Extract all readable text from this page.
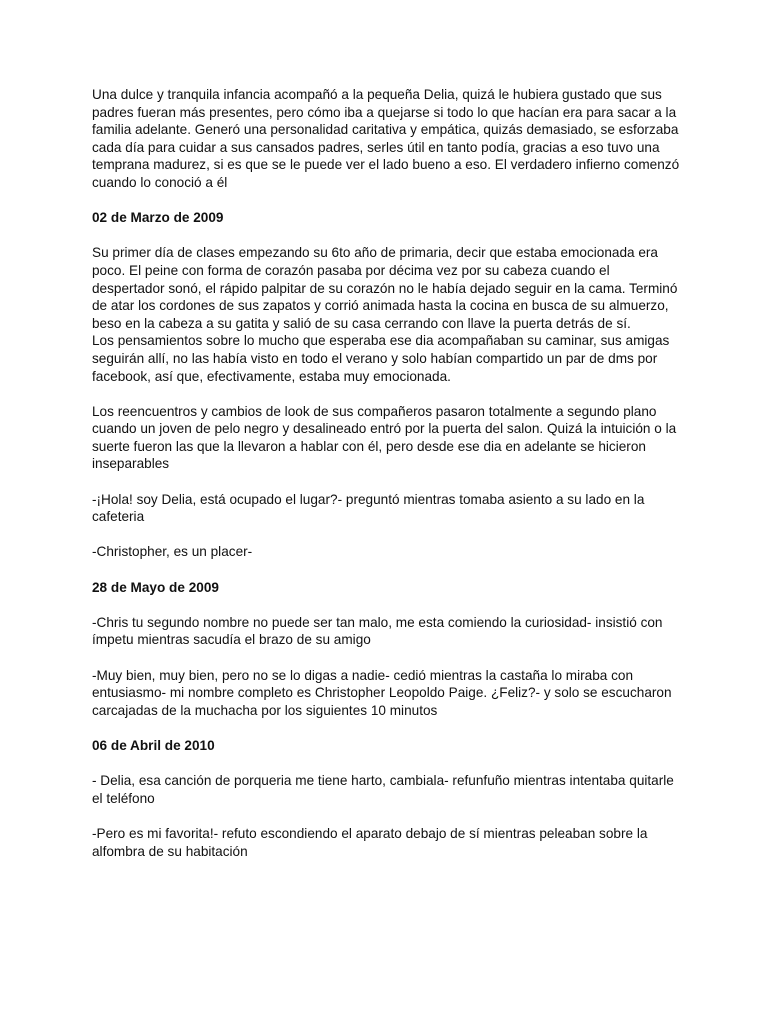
Una dulce y tranquila infancia acompañó a la pequeña Delia, quizá le hubiera gustado que sus padres fueran más presentes, pero cómo iba a quejarse si todo lo que hacían era para sacar a la familia adelante. Generó una personalidad caritativa y empática, quizás demasiado, se esforzaba cada día para cuidar a sus cansados padres, serles útil en tanto podía, gracias a eso tuvo una temprana madurez, si es que se le puede ver el lado bueno a eso. El verdadero infierno comenzó cuando lo conoció a él

02 de Marzo de 2009

Su primer día de clases empezando su 6to año de primaria, decir que estaba emocionada era poco. El peine con forma de corazón pasaba por décima vez por su cabeza cuando el despertador sonó, el rápido palpitar de su corazón no le había dejado seguir en la cama. Terminó de atar los cordones de sus zapatos y corrió animada hasta la cocina en busca de su almuerzo, beso en la cabeza a su gatita y salió de su casa cerrando con llave la puerta detrás de sí.

Los pensamientos sobre lo mucho que esperaba ese dia acompañaban su caminar, sus amigas seguirán allí, no las había visto en todo el verano y solo habían compartido un par de dms por facebook, así que, efectivamente, estaba muy emocionada.

Los reencuentros y cambios de look de sus compañeros pasaron totalmente a segundo plano cuando un joven de pelo negro y desalineado entró por la puerta del salon. Quizá la intuición o la suerte fueron las que la llevaron a hablar con él, pero desde ese dia en adelante se hicieron inseparables

-¡Hola! soy Delia, está ocupado el lugar?- preguntó mientras tomaba asiento a su lado en la cafeteria

-Christopher, es un placer-

28 de Mayo de 2009

-Chris tu segundo nombre no puede ser tan malo, me esta comiendo la curiosidad- insistió con ímpetu mientras sacudía el brazo de su amigo

-Muy bien, muy bien, pero no se lo digas a nadie- cedió mientras la castaña lo miraba con entusiasmo- mi nombre completo es Christopher Leopoldo Paige. ¿Feliz?- y solo se escucharon carcajadas de la muchacha por los siguientes 10 minutos

06 de Abril de 2010

- Delia, esa canción de porqueria me tiene harto, cambiala- refunfuño mientras intentaba quitarle el teléfono

-Pero es mi favorita!- refuto escondiendo el aparato debajo de sí mientras peleaban sobre la alfombra de su habitación
